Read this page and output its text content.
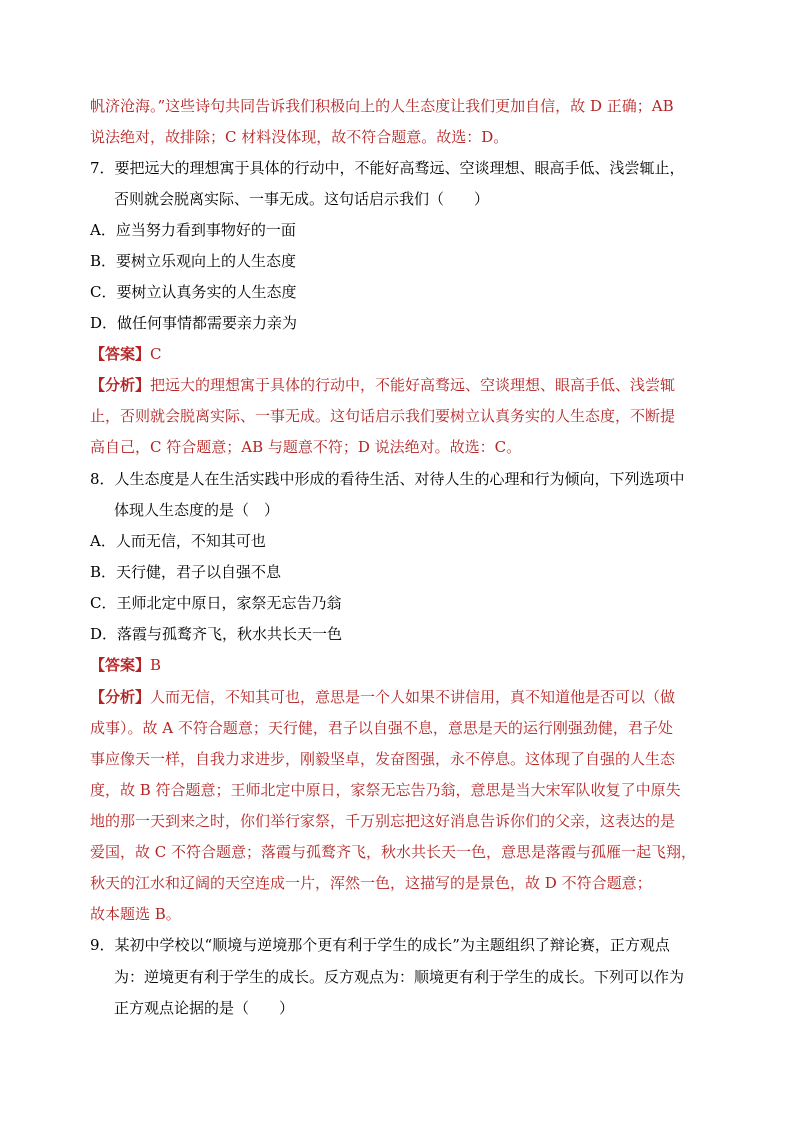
帆济沧海。”这些诗句共同告诉我们积极向上的人生态度让我们更加自信，故 D 正确；AB
说法绝对，故排除；C 材料没体现，故不符合题意。故选：D。
7．要把远大的理想寓于具体的行动中，不能好高骛远、空谈理想、眼高手低、浅尝辄止，
否则就会脱离实际、一事无成。这句话启示我们（　　）
A．应当努力看到事物好的一面
B．要树立乐观向上的人生态度
C．要树立认真务实的人生态度
D．做任何事情都需要亲力亲为
【答案】C
【分析】把远大的理想寓于具体的行动中，不能好高骛远、空谈理想、眼高手低、浅尝辄
止，否则就会脱离实际、一事无成。这句话启示我们要树立认真务实的人生态度，不断提
高自己，C 符合题意；AB 与题意不符；D 说法绝对。故选：C。
8．人生态度是人在生活实践中形成的看待生活、对待人生的心理和行为倾向，下列选项中
体现人生态度的是（　）
A．人而无信，不知其可也
B．天行健，君子以自强不息
C．王师北定中原日，家祭无忘告乃翁
D．落霞与孤鹜齐飞，秋水共长天一色
【答案】B
【分析】人而无信，不知其可也，意思是一个人如果不讲信用，真不知道他是否可以（做
成事）。故 A 不符合题意；天行健，君子以自强不息，意思是天的运行刚强劲健，君子处
事应像天一样，自我力求进步，刚毅坚卓，发奋图强，永不停息。这体现了自强的人生态
度，故 B 符合题意；王师北定中原日，家祭无忘告乃翁，意思是当大宋军队收复了中原失
地的那一天到来之时，你们举行家祭，千万别忘把这好消息告诉你们的父亲，这表达的是
爱国，故 C 不符合题意；落霞与孤鹜齐飞，秋水共长天一色，意思是落霞与孤雁一起飞翔，
秋天的江水和辽阔的天空连成一片，浑然一色，这描写的是景色，故 D 不符合题意；
故本题选 B。
9．某初中学校以“顺境与逆境那个更有利于学生的成长”为主题组织了辩论赛，正方观点
为：逆境更有利于学生的成长。反方观点为：顺境更有利于学生的成长。下列可以作为
正方观点论据的是（　　）
